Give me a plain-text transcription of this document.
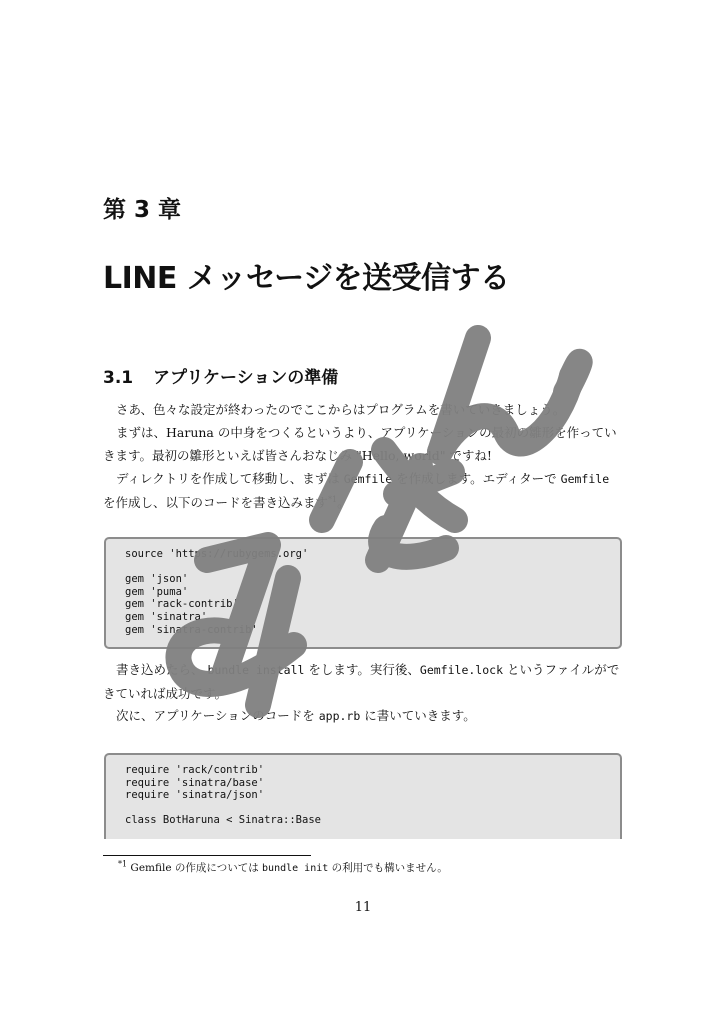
第 3 章
LINE メッセージを送受信する
3.1 アプリケーションの準備

さあ、色々な設定が終わったのでここからはプログラムを書いていきましょう。

まずは、Haruna の中身をつくるというより、アプリケーションの最初の雛形を作っていきます。最初の雛形といえば皆さんおなじみ "Hello, world" ですね!

ディレクトリを作成して移動し、まずは Gemfile を作成します。エディターで Gemfile を作成し、以下のコードを書き込みます$^{*1}$。

source 'https://rubygems.org'

gem 'json'
gem 'puma'
gem 'rack-contrib'
gem 'sinatra'
gem 'sinatra-contrib'

書き込めたら、 bundle install をします。実行後、Gemfile.lock というファイルができていれば成功です。

次に、アプリケーションのコードを app.rb に書いていきます。

require 'rack/contrib'
require 'sinatra/base'
require 'sinatra/json'

class BotHaruna < Sinatra::Base

$^{*1}$ Gemfile の作成については bundle init の利用でも構いません。

11
